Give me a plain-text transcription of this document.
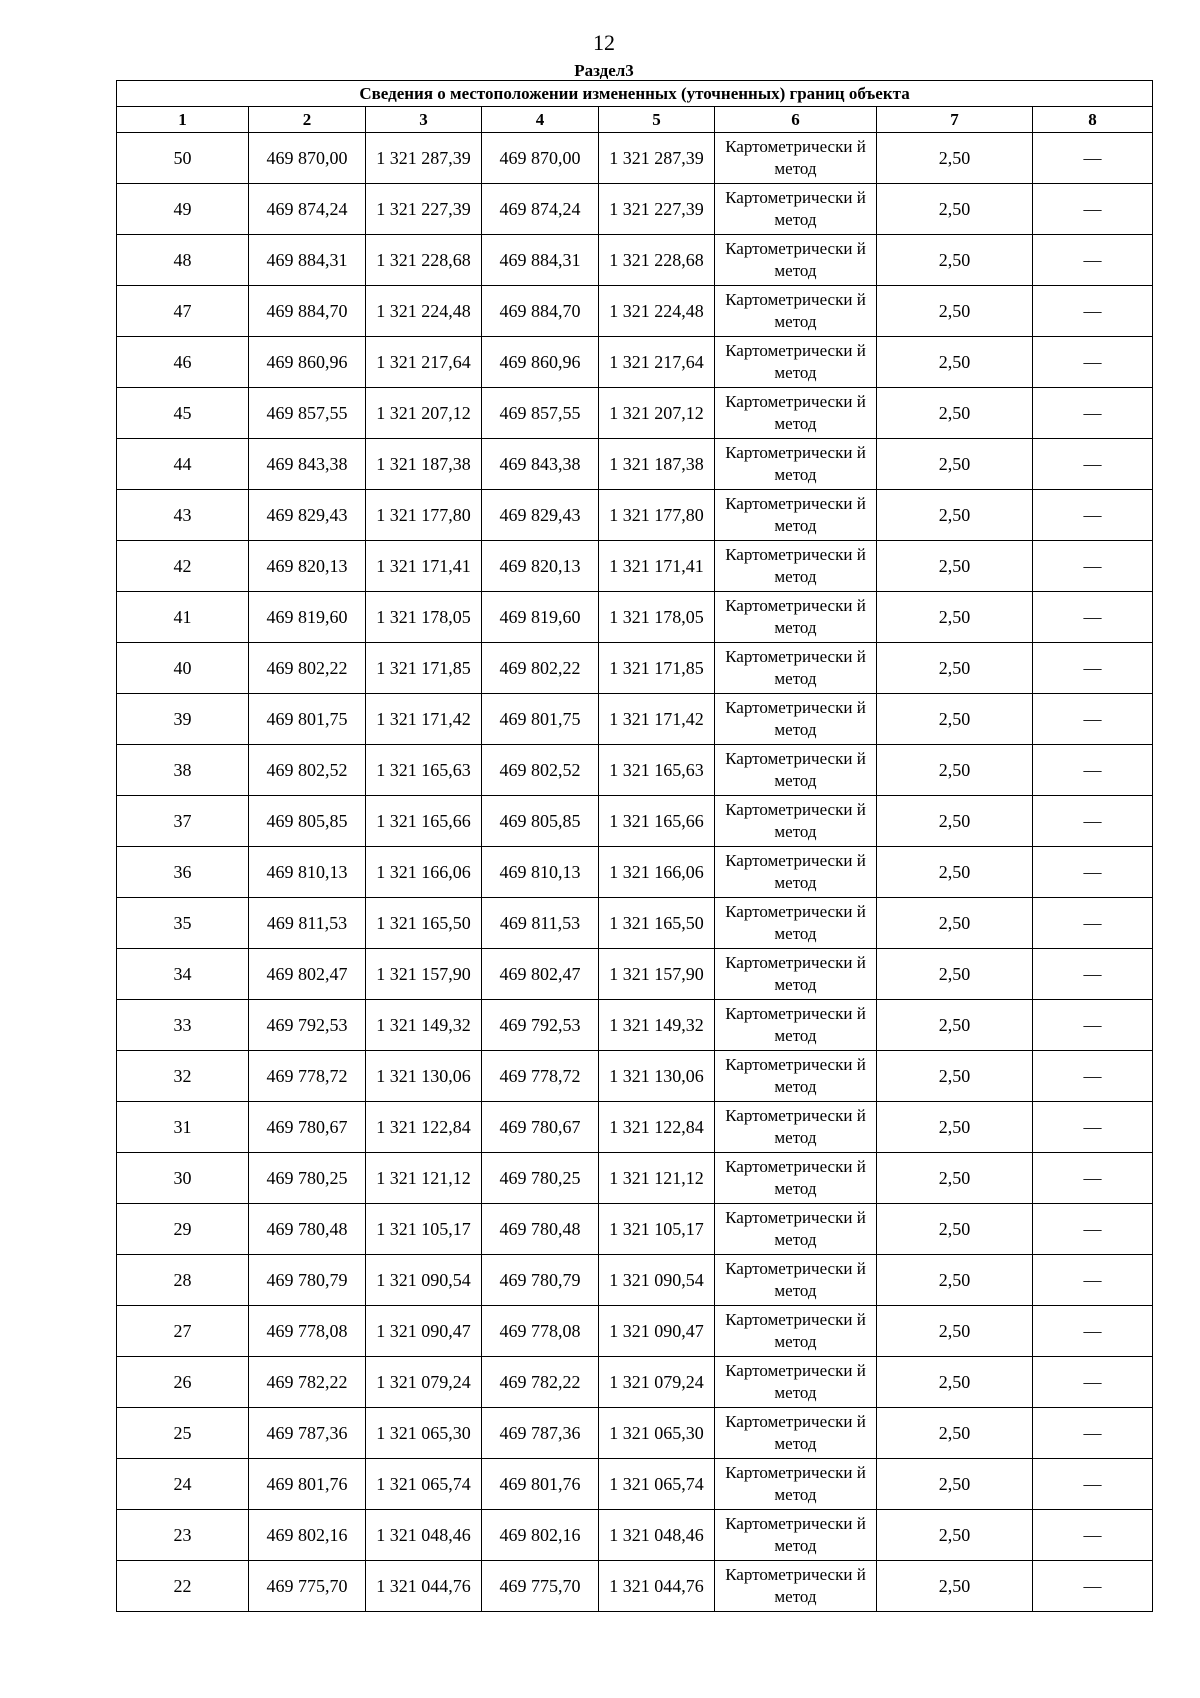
12
Раздел3
Сведения о местоположении измененных (уточненных) границ объекта							
1	2	3	4	5	6	7	8
50	469 870,00	1 321 287,39	469 870,00	1 321 287,39	Картометрически й метод	2,50	—
49	469 874,24	1 321 227,39	469 874,24	1 321 227,39	Картометрически й метод	2,50	—
48	469 884,31	1 321 228,68	469 884,31	1 321 228,68	Картометрически й метод	2,50	—
47	469 884,70	1 321 224,48	469 884,70	1 321 224,48	Картометрически й метод	2,50	—
46	469 860,96	1 321 217,64	469 860,96	1 321 217,64	Картометрически й метод	2,50	—
45	469 857,55	1 321 207,12	469 857,55	1 321 207,12	Картометрически й метод	2,50	—
44	469 843,38	1 321 187,38	469 843,38	1 321 187,38	Картометрически й метод	2,50	—
43	469 829,43	1 321 177,80	469 829,43	1 321 177,80	Картометрически й метод	2,50	—
42	469 820,13	1 321 171,41	469 820,13	1 321 171,41	Картометрически й метод	2,50	—
41	469 819,60	1 321 178,05	469 819,60	1 321 178,05	Картометрически й метод	2,50	—
40	469 802,22	1 321 171,85	469 802,22	1 321 171,85	Картометрически й метод	2,50	—
39	469 801,75	1 321 171,42	469 801,75	1 321 171,42	Картометрически й метод	2,50	—
38	469 802,52	1 321 165,63	469 802,52	1 321 165,63	Картометрически й метод	2,50	—
37	469 805,85	1 321 165,66	469 805,85	1 321 165,66	Картометрически й метод	2,50	—
36	469 810,13	1 321 166,06	469 810,13	1 321 166,06	Картометрически й метод	2,50	—
35	469 811,53	1 321 165,50	469 811,53	1 321 165,50	Картометрически й метод	2,50	—
34	469 802,47	1 321 157,90	469 802,47	1 321 157,90	Картометрически й метод	2,50	—
33	469 792,53	1 321 149,32	469 792,53	1 321 149,32	Картометрически й метод	2,50	—
32	469 778,72	1 321 130,06	469 778,72	1 321 130,06	Картометрически й метод	2,50	—
31	469 780,67	1 321 122,84	469 780,67	1 321 122,84	Картометрически й метод	2,50	—
30	469 780,25	1 321 121,12	469 780,25	1 321 121,12	Картометрически й метод	2,50	—
29	469 780,48	1 321 105,17	469 780,48	1 321 105,17	Картометрически й метод	2,50	—
28	469 780,79	1 321 090,54	469 780,79	1 321 090,54	Картометрически й метод	2,50	—
27	469 778,08	1 321 090,47	469 778,08	1 321 090,47	Картометрически й метод	2,50	—
26	469 782,22	1 321 079,24	469 782,22	1 321 079,24	Картометрически й метод	2,50	—
25	469 787,36	1 321 065,30	469 787,36	1 321 065,30	Картометрически й метод	2,50	—
24	469 801,76	1 321 065,74	469 801,76	1 321 065,74	Картометрически й метод	2,50	—
23	469 802,16	1 321 048,46	469 802,16	1 321 048,46	Картометрически й метод	2,50	—
22	469 775,70	1 321 044,76	469 775,70	1 321 044,76	Картометрически й метод	2,50	—
